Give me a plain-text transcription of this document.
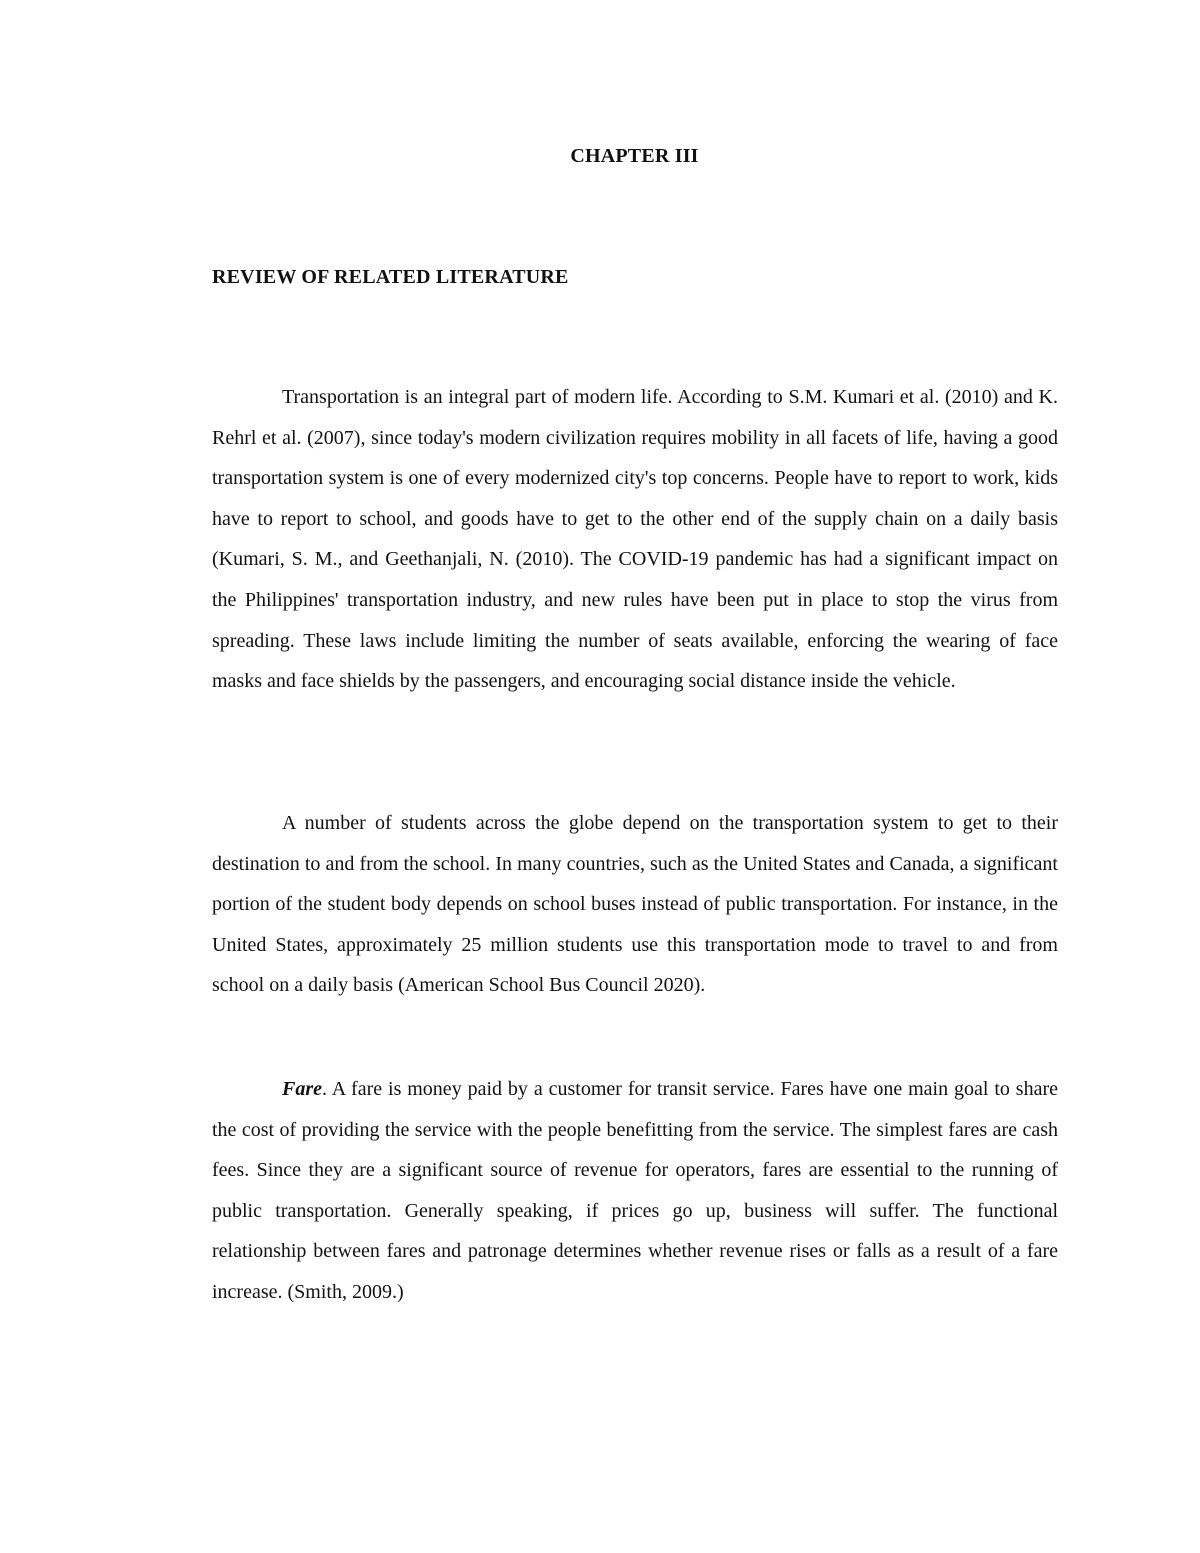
CHAPTER III
REVIEW OF RELATED LITERATURE

Transportation is an integral part of modern life. According to S.M. Kumari et al. (2010) and K. Rehrl et al. (2007), since today's modern civilization requires mobility in all facets of life, having a good transportation system is one of every modernized city's top concerns. People have to report to work, kids have to report to school, and goods have to get to the other end of the supply chain on a daily basis (Kumari, S. M., and Geethanjali, N. (2010). The COVID-19 pandemic has had a significant impact on the Philippines' transportation industry, and new rules have been put in place to stop the virus from spreading. These laws include limiting the number of seats available, enforcing the wearing of face masks and face shields by the passengers, and encouraging social distance inside the vehicle.

A number of students across the globe depend on the transportation system to get to their destination to and from the school. In many countries, such as the United States and Canada, a significant portion of the student body depends on school buses instead of public transportation. For instance, in the United States, approximately 25 million students use this transportation mode to travel to and from school on a daily basis (American School Bus Council 2020).

Fare. A fare is money paid by a customer for transit service. Fares have one main goal to share the cost of providing the service with the people benefitting from the service. The simplest fares are cash fees. Since they are a significant source of revenue for operators, fares are essential to the running of public transportation. Generally speaking, if prices go up, business will suffer. The functional relationship between fares and patronage determines whether revenue rises or falls as a result of a fare increase. (Smith, 2009.)
